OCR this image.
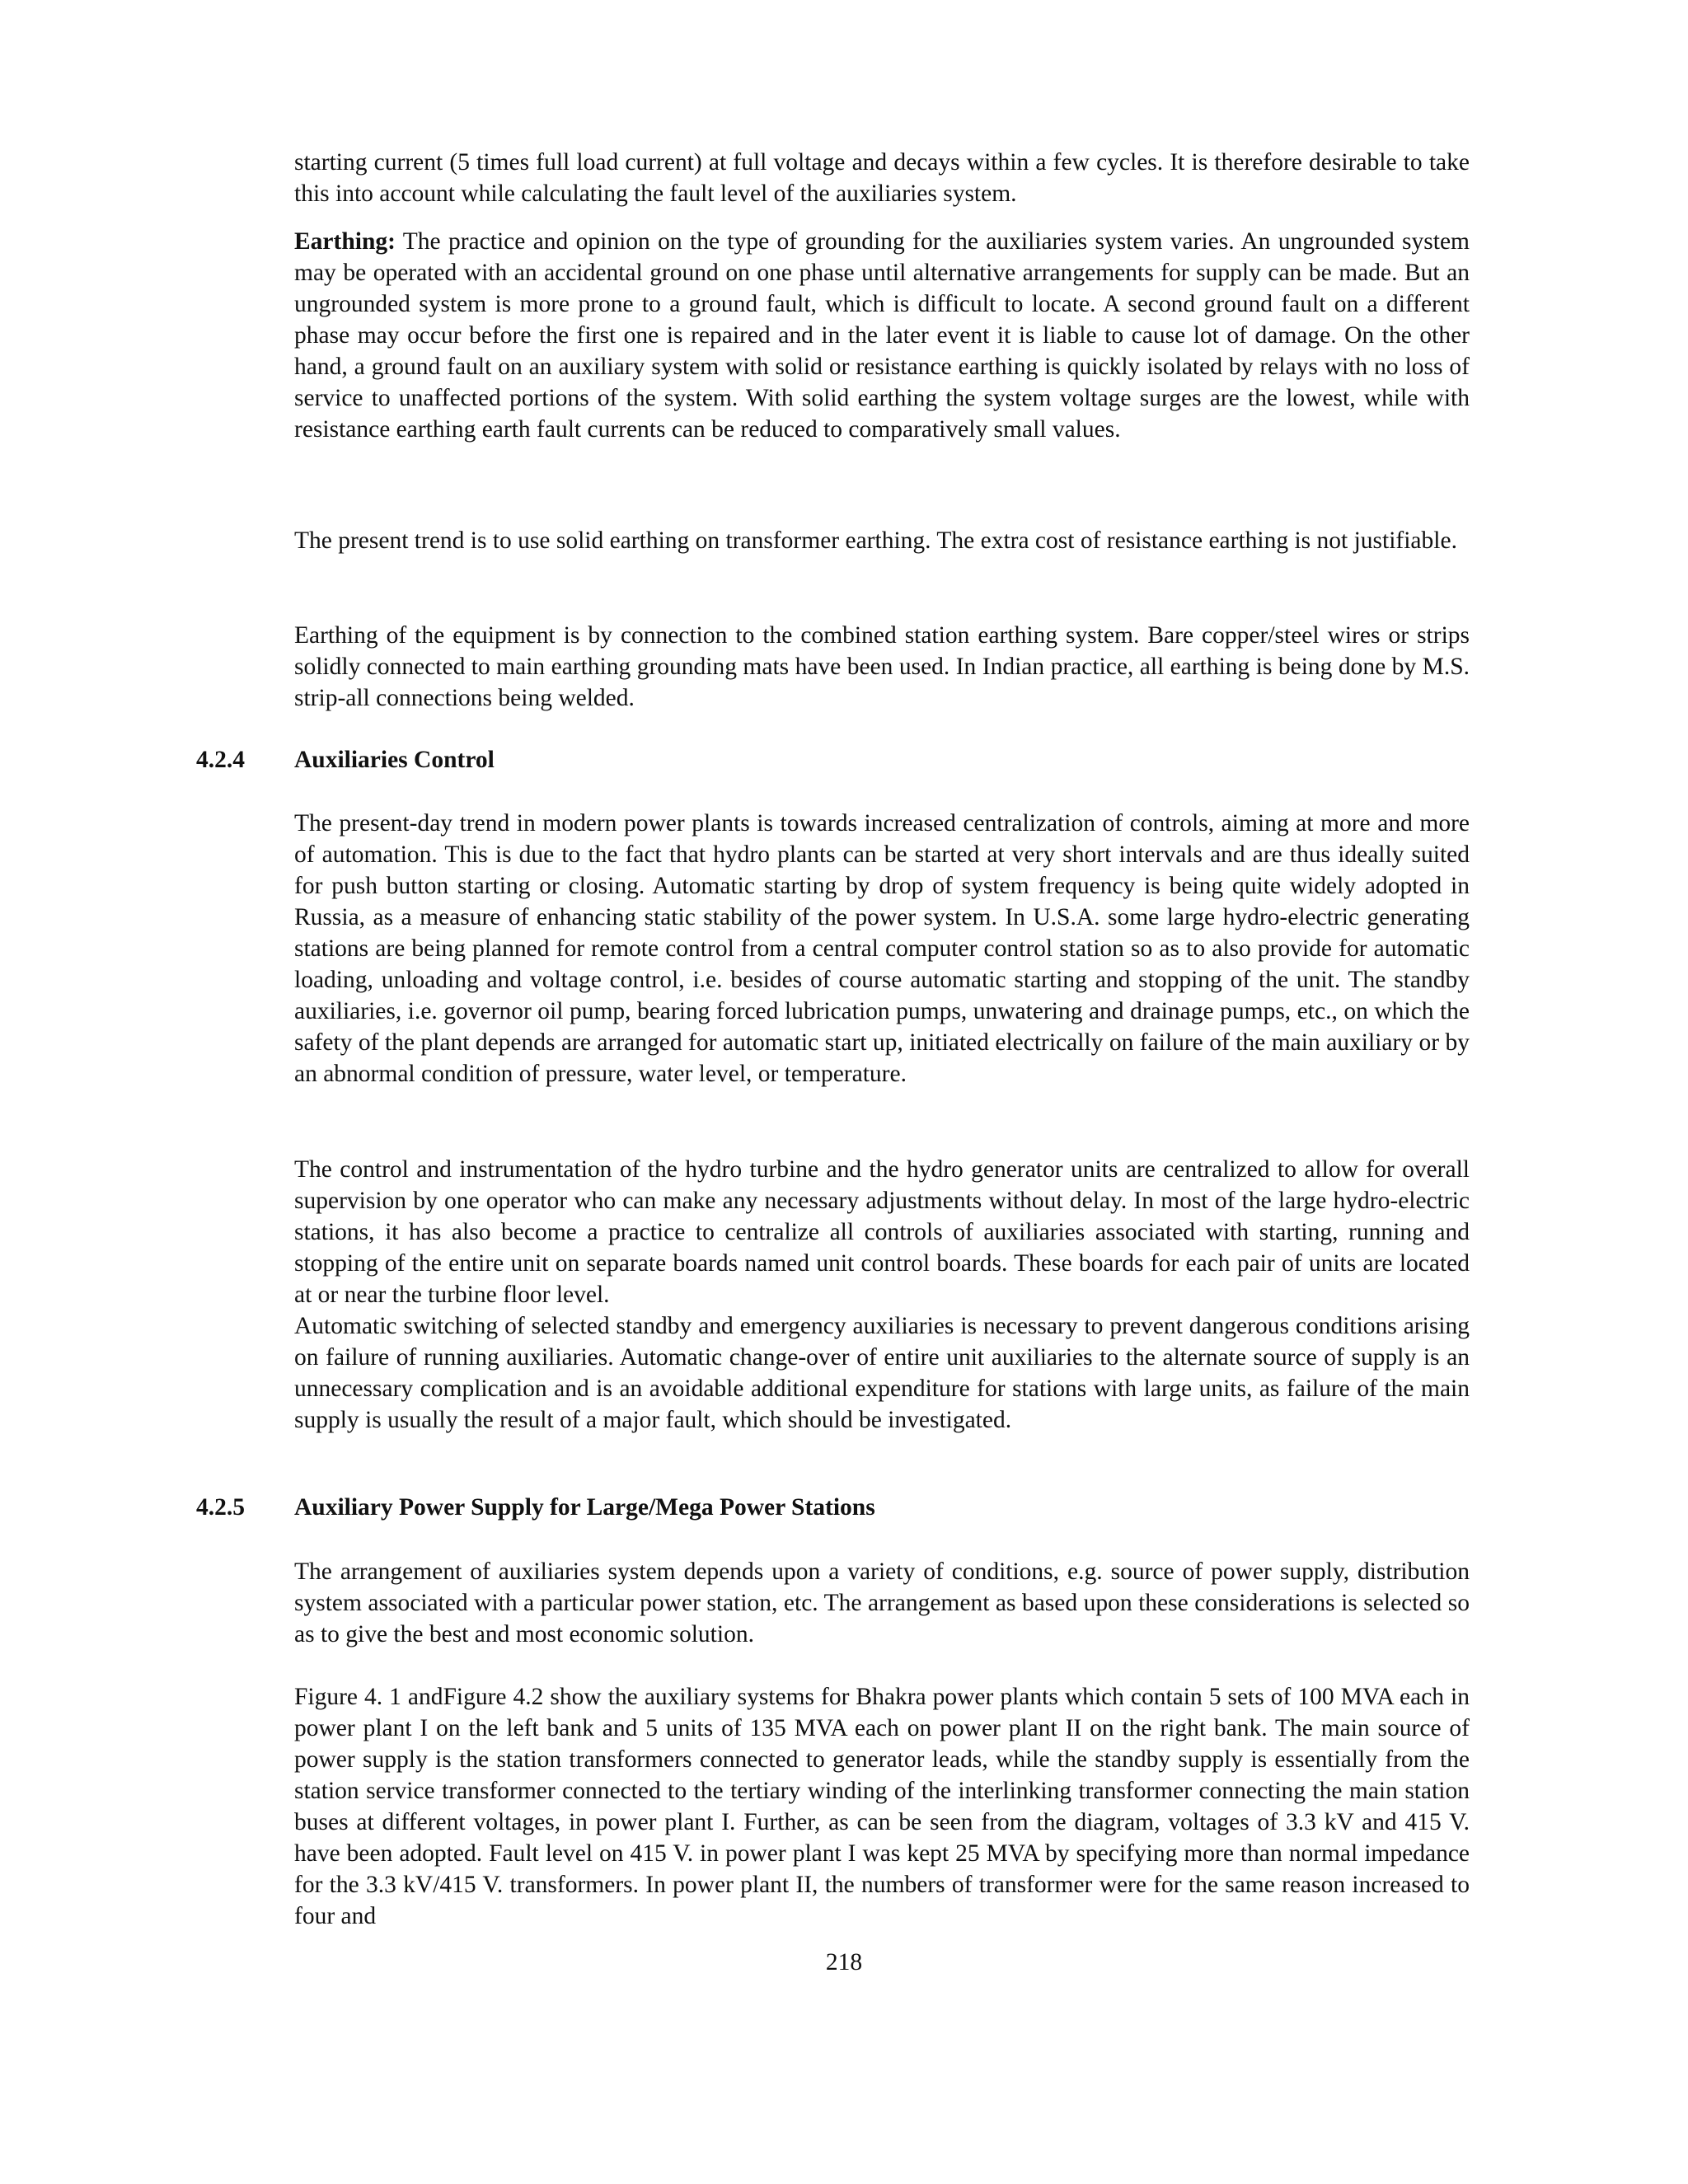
starting current (5 times full load current) at full voltage and decays within a few cycles. It is therefore desirable to take this into account while calculating the fault level of the auxiliaries system.

Earthing: The practice and opinion on the type of grounding for the auxiliaries system varies. An ungrounded system may be operated with an accidental ground on one phase until alternative arrangements for supply can be made. But an ungrounded system is more prone to a ground fault, which is difficult to locate. A second ground fault on a different phase may occur before the first one is repaired and in the later event it is liable to cause lot of damage. On the other hand, a ground fault on an auxiliary system with solid or resistance earthing is quickly isolated by relays with no loss of service to unaffected portions of the system. With solid earthing the system voltage surges are the lowest, while with resistance earthing earth fault currents can be reduced to comparatively small values.

The present trend is to use solid earthing on transformer earthing. The extra cost of resistance earthing is not justifiable.

Earthing of the equipment is by connection to the combined station earthing system. Bare copper/steel wires or strips solidly connected to main earthing grounding mats have been used. In Indian practice, all earthing is being done by M.S. strip-all connections being welded.

4.2.4 Auxiliaries Control

The present-day trend in modern power plants is towards increased centralization of controls, aiming at more and more of automation. This is due to the fact that hydro plants can be started at very short intervals and are thus ideally suited for push button starting or closing. Automatic starting by drop of system frequency is being quite widely adopted in Russia, as a measure of enhancing static stability of the power system. In U.S.A. some large hydro-electric generating stations are being planned for remote control from a central computer control station so as to also provide for automatic loading, unloading and voltage control, i.e. besides of course automatic starting and stopping of the unit. The standby auxiliaries, i.e. governor oil pump, bearing forced lubrication pumps, unwatering and drainage pumps, etc., on which the safety of the plant depends are arranged for automatic start up, initiated electrically on failure of the main auxiliary or by an abnormal condition of pressure, water level, or temperature.

The control and instrumentation of the hydro turbine and the hydro generator units are centralized to allow for overall supervision by one operator who can make any necessary adjustments without delay. In most of the large hydro-electric stations, it has also become a practice to centralize all controls of auxiliaries associated with starting, running and stopping of the entire unit on separate boards named unit control boards. These boards for each pair of units are located at or near the turbine floor level.

Automatic switching of selected standby and emergency auxiliaries is necessary to prevent dangerous conditions arising on failure of running auxiliaries. Automatic change-over of entire unit auxiliaries to the alternate source of supply is an unnecessary complication and is an avoidable additional expenditure for stations with large units, as failure of the main supply is usually the result of a major fault, which should be investigated.

4.2.5 Auxiliary Power Supply for Large/Mega Power Stations

The arrangement of auxiliaries system depends upon a variety of conditions, e.g. source of power supply, distribution system associated with a particular power station, etc. The arrangement as based upon these considerations is selected so as to give the best and most economic solution.

Figure 4. 1 andFigure 4.2 show the auxiliary systems for Bhakra power plants which contain 5 sets of 100 MVA each in power plant I on the left bank and 5 units of 135 MVA each on power plant II on the right bank. The main source of power supply is the station transformers connected to generator leads, while the standby supply is essentially from the station service transformer connected to the tertiary winding of the interlinking transformer connecting the main station buses at different voltages, in power plant I. Further, as can be seen from the diagram, voltages of 3.3 kV and 415 V. have been adopted. Fault level on 415 V. in power plant I was kept 25 MVA by specifying more than normal impedance for the 3.3 kV/415 V. transformers. In power plant II, the numbers of transformer were for the same reason increased to four and

218
